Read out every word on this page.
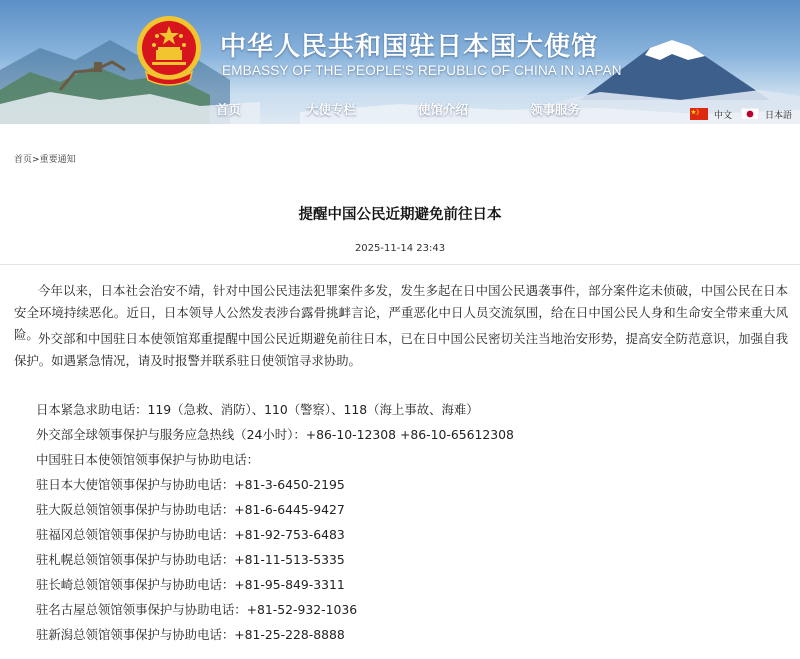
中华人民共和国驻日本国大使馆
EMBASSY OF THE PEOPLE'S REPUBLIC OF CHINA IN JAPAN
首页	大使专栏	使馆介绍	领事服务	中文	日本語
首页>重要通知
提醒中国公民近期避免前往日本
2025-11-14 23:43

今年以来，日本社会治安不靖，针对中国公民违法犯罪案件多发，发生多起在日中国公民遇袭事件，部分案件迄未侦破，中国公民在日本安全环境持续恶化。近日，日本领导人公然发表涉台露骨挑衅言论，严重恶化中日人员交流氛围，给在日中国公民人身和生命安全带来重大风险。 外交部和中国驻日本使领馆郑重提醒中国公民近期避免前往日本，已在日中国公民密切关注当地治安形势，提高安全防范意识，加强自我保护。如遇紧急情况，请及时报警并联系驻日使领馆寻求协助。

日本紧急求助电话：119（急救、消防）、110（警察）、118（海上事故、海难）
外交部全球领事保护与服务应急热线（24小时）：+86-10-12308 +86-10-65612308
中国驻日本使领馆领事保护与协助电话：
驻日本大使馆领事保护与协助电话：+81-3-6450-2195
驻大阪总领馆领事保护与协助电话：+81-6-6445-9427
驻福冈总领馆领事保护与协助电话：+81-92-753-6483
驻札幌总领馆领事保护与协助电话：+81-11-513-5335
驻长崎总领馆领事保护与协助电话：+81-95-849-3311
驻名古屋总领馆领事保护与协助电话：+81-52-932-1036
驻新潟总领馆领事保护与协助电话：+81-25-228-8888
